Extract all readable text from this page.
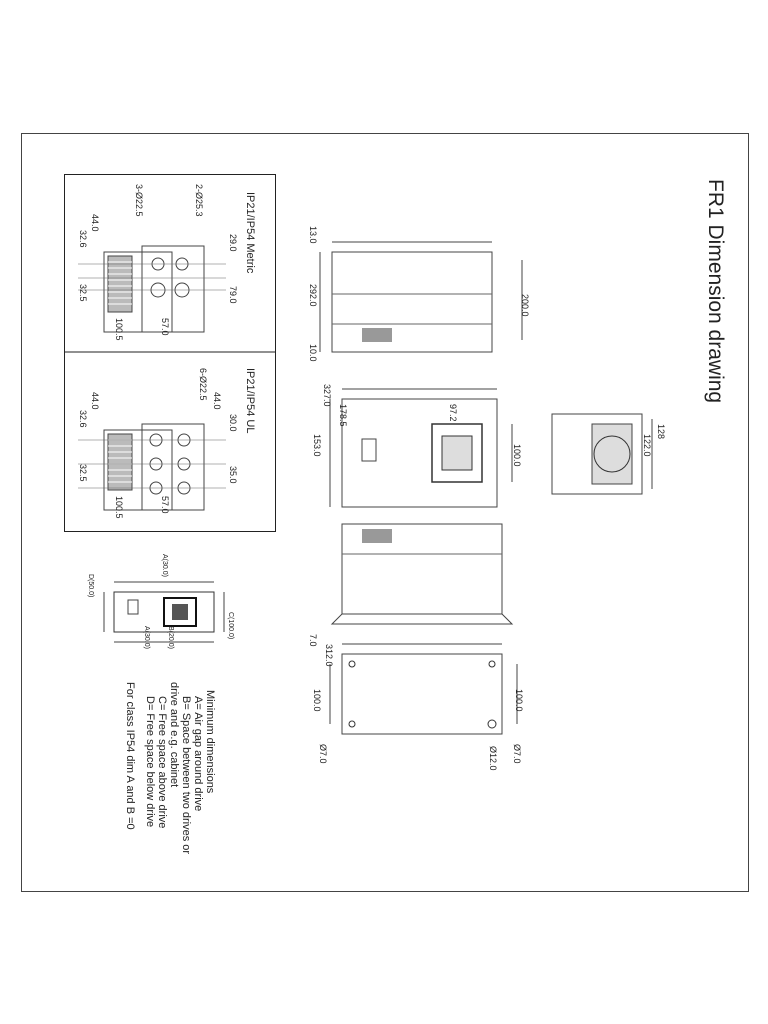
FR1 Dimension drawing
IP21/IP54 Metric
IP21/IP54 UL
44.0
32.6
32.5
3-Ø22.5	2-Ø25.3
29.0
79.0
100.5	57.0
44.0
32.6
32.5
6-Ø22.5
44.0
30.0
35.0
100.5	57.0
13.0
292.0	200.0
10.0
327.0
178.5	97.2
153.0	100.0
128
122.0
7.0
312.0
100.0	100.0
Ø7.0	Ø12.0 Ø7.0
A(30.0)
A(30.0) B(20.0)	C(100.0)
D(50.0)
Minimum dimensions
A= Air gap around drive
B= Space between two drives or
drive and e.g. cabinet
C= Free space above drive
D= Free space below drive
For class IP54 dim A and B =0
